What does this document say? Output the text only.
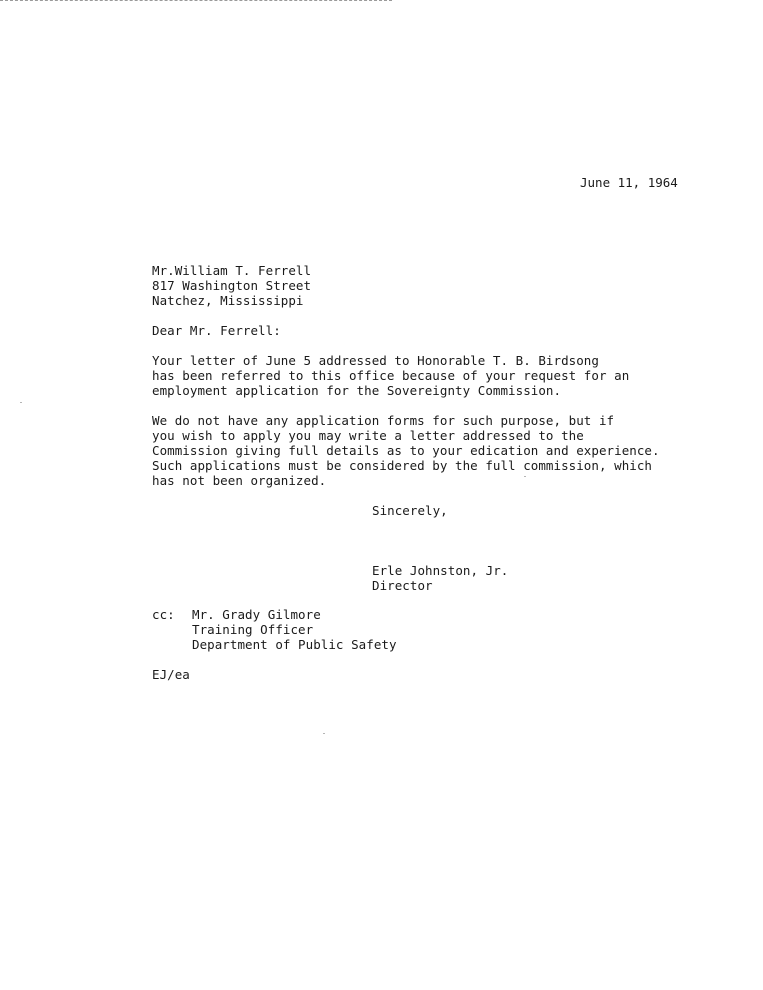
June 11, 1964
Mr.William T. Ferrell
817 Washington Street
Natchez, Mississippi
Dear Mr. Ferrell:
Your letter of June 5 addressed to Honorable T. B. Birdsong
has been referred to this office because of your request for an
employment application for the Sovereignty Commission.
We do not have any application forms for such purpose, but if
you wish to apply you may write a letter addressed to the
Commission giving full details as to your edication and experience.
Such applications must be considered by the full commission, which
has not been organized.
Sincerely,
Erle Johnston, Jr.
Director
cc: Mr. Grady Gilmore
Training Officer
Department of Public Safety
EJ/ea
